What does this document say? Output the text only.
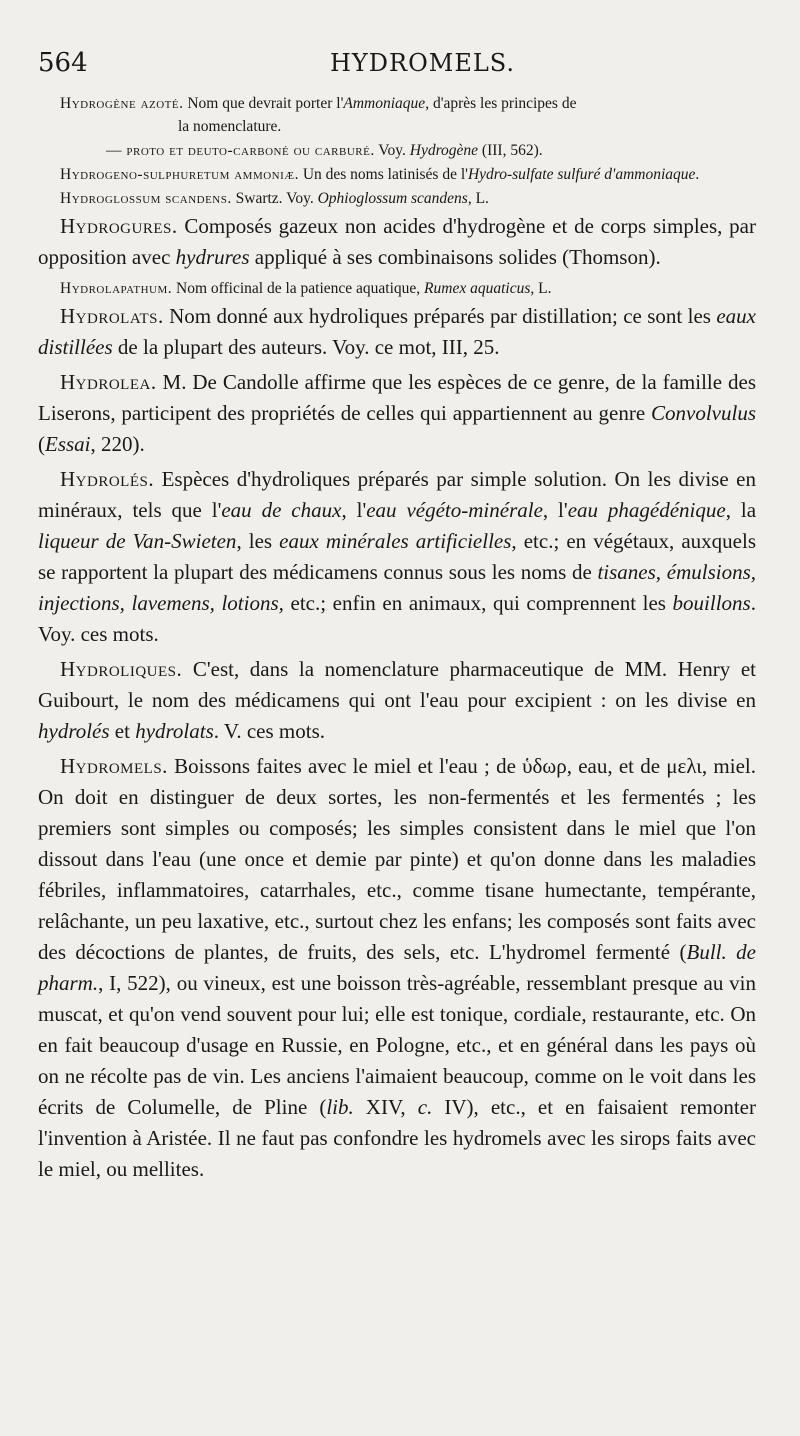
564	HYDROMELS.

Hydrogène azoté. Nom que devrait porter l'Ammoniaque, d'après les principes de
la nomenclature.

— proto et deuto-carboné ou carburé. Voy. Hydrogène (III, 562).

Hydrogeno-sulphuretum ammoniæ. Un des noms latinisés de l'Hydro-sulfate sulfuré d'ammoniaque.

Hydroglossum scandens. Swartz. Voy. Ophioglossum scandens, L.

Hydrogures. Composés gazeux non acides d'hydrogène et de corps simples, par opposition avec hydrures appliqué à ses combinaisons solides (Thomson).

Hydrolapathum. Nom officinal de la patience aquatique, Rumex aquaticus, L.

Hydrolats. Nom donné aux hydroliques préparés par distillation; ce sont les eaux distillées de la plupart des auteurs. Voy. ce mot, III, 25.

Hydrolea. M. De Candolle affirme que les espèces de ce genre, de la famille des Liserons, participent des propriétés de celles qui appartiennent au genre Convolvulus (Essai, 220).

Hydrolés. Espèces d'hydroliques préparés par simple solution. On les divise en minéraux, tels que l'eau de chaux, l'eau végéto-minérale, l'eau phagédénique, la liqueur de Van-Swieten, les eaux minérales artificielles, etc.; en végétaux, auxquels se rapportent la plupart des médicamens connus sous les noms de tisanes, émulsions, injections, lavemens, lotions, etc.; enfin en animaux, qui comprennent les bouillons. Voy. ces mots.

Hydroliques. C'est, dans la nomenclature pharmaceutique de MM. Henry et Guibourt, le nom des médicamens qui ont l'eau pour excipient : on les divise en hydrolés et hydrolats. V. ces mots.

Hydromels. Boissons faites avec le miel et l'eau ; de ὑδωρ, eau, et de μελι, miel. On doit en distinguer de deux sortes, les non-fermentés et les fermentés ; les premiers sont simples ou composés; les simples consistent dans le miel que l'on dissout dans l'eau (une once et demie par pinte) et qu'on donne dans les maladies fébriles, inflammatoires, catarrhales, etc., comme tisane humectante, tempérante, relâchante, un peu laxative, etc., surtout chez les enfans; les composés sont faits avec des décoctions de plantes, de fruits, des sels, etc. L'hydromel fermenté (Bull. de pharm., I, 522), ou vineux, est une boisson très-agréable, ressemblant presque au vin muscat, et qu'on vend souvent pour lui; elle est tonique, cordiale, restaurante, etc. On en fait beaucoup d'usage en Russie, en Pologne, etc., et en général dans les pays où on ne récolte pas de vin. Les anciens l'aimaient beaucoup, comme on le voit dans les écrits de Columelle, de Pline (lib. XIV, c. IV), etc., et en faisaient remonter l'invention à Aristée. Il ne faut pas confondre les hydromels avec les sirops faits avec le miel, ou mellites.
